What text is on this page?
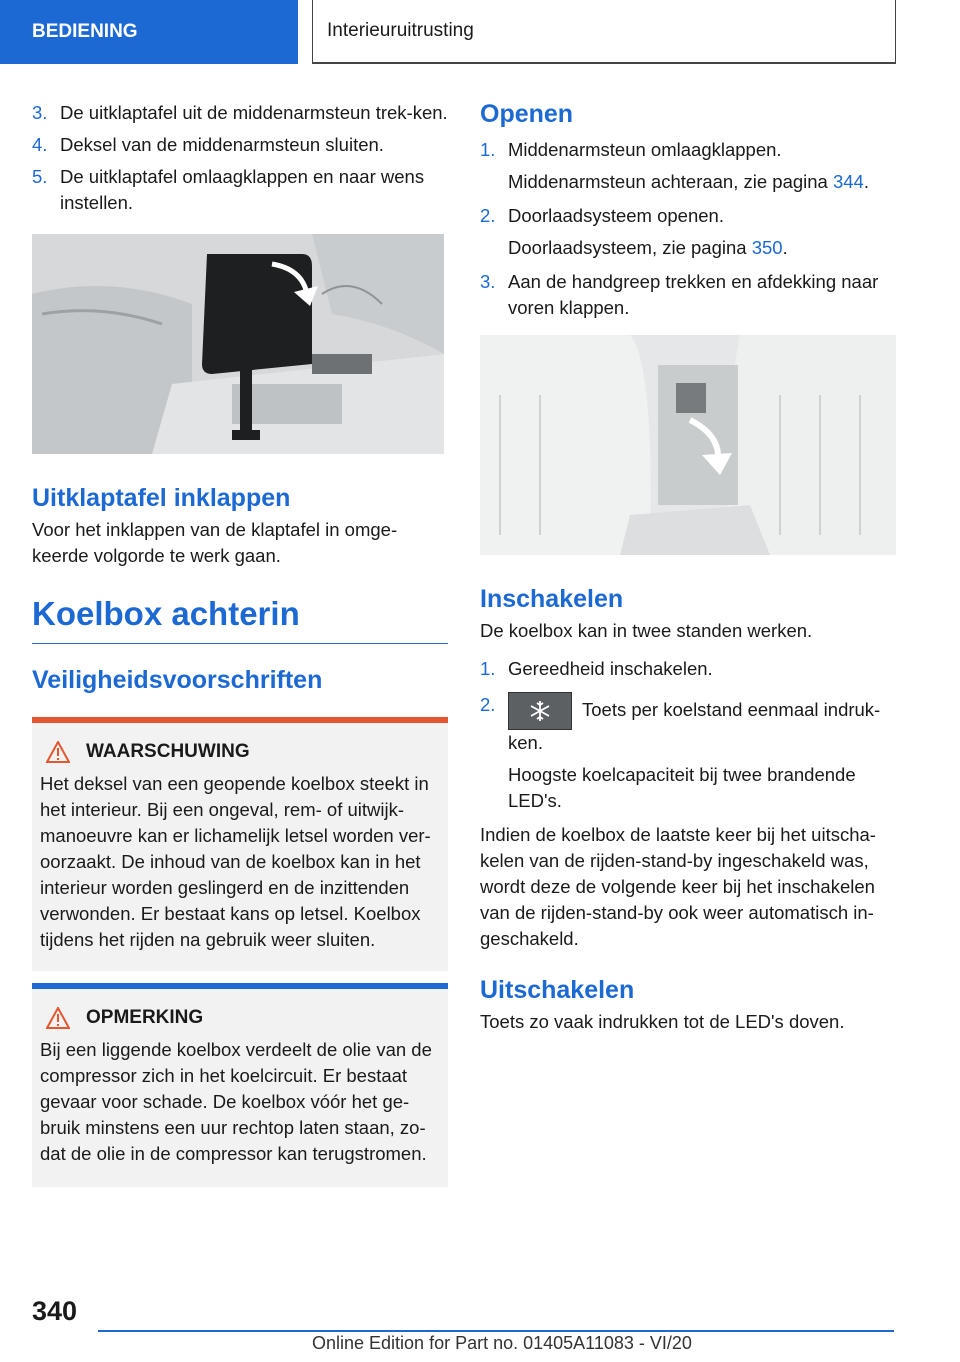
BEDIENING	Interieuruitrusting
3. De uitklaptafel uit de middenarmsteun trek-ken.
4. Deksel van de middenarmsteun sluiten.
5. De uitklaptafel omlaagklappen en naar wens instellen.
Uitklaptafel inklappen
Voor het inklappen van de klaptafel in omge-keerde volgorde te werk gaan.
Koelbox achterin
Veiligheidsvoorschriften
WAARSCHUWING
Het deksel van een geopende koelbox steekt in het interieur. Bij een ongeval, rem- of uitwijk-manoeuvre kan er lichamelijk letsel worden ver-oorzaakt. De inhoud van de koelbox kan in het interieur worden geslingerd en de inzittenden verwonden. Er bestaat kans op letsel. Koelbox tijdens het rijden na gebruik weer sluiten.
OPMERKING
Bij een liggende koelbox verdeelt de olie van de compressor zich in het koelcircuit. Er bestaat gevaar voor schade. De koelbox vóór het ge-bruik minstens een uur rechtop laten staan, zo-dat de olie in de compressor kan terugstromen.
Openen
1. Middenarmsteun omlaagklappen.
Middenarmsteun achteraan, zie pagina 344.
2. Doorlaadsysteem openen.
Doorlaadsysteem, zie pagina 350.
3. Aan de handgreep trekken en afdekking naar voren klappen.
Inschakelen
De koelbox kan in twee standen werken.
1. Gereedheid inschakelen.
2.	Toets per koelstand eenmaal indruk-ken.
Hoogste koelcapaciteit bij twee brandende LED's.
Indien de koelbox de laatste keer bij het uitscha-kelen van de rijden-stand-by ingeschakeld was, wordt deze de volgende keer bij het inschakelen van de rijden-stand-by ook weer automatisch in-geschakeld.
Uitschakelen
Toets zo vaak indrukken tot de LED's doven.
340
Online Edition for Part no. 01405A11083 - VI/20
